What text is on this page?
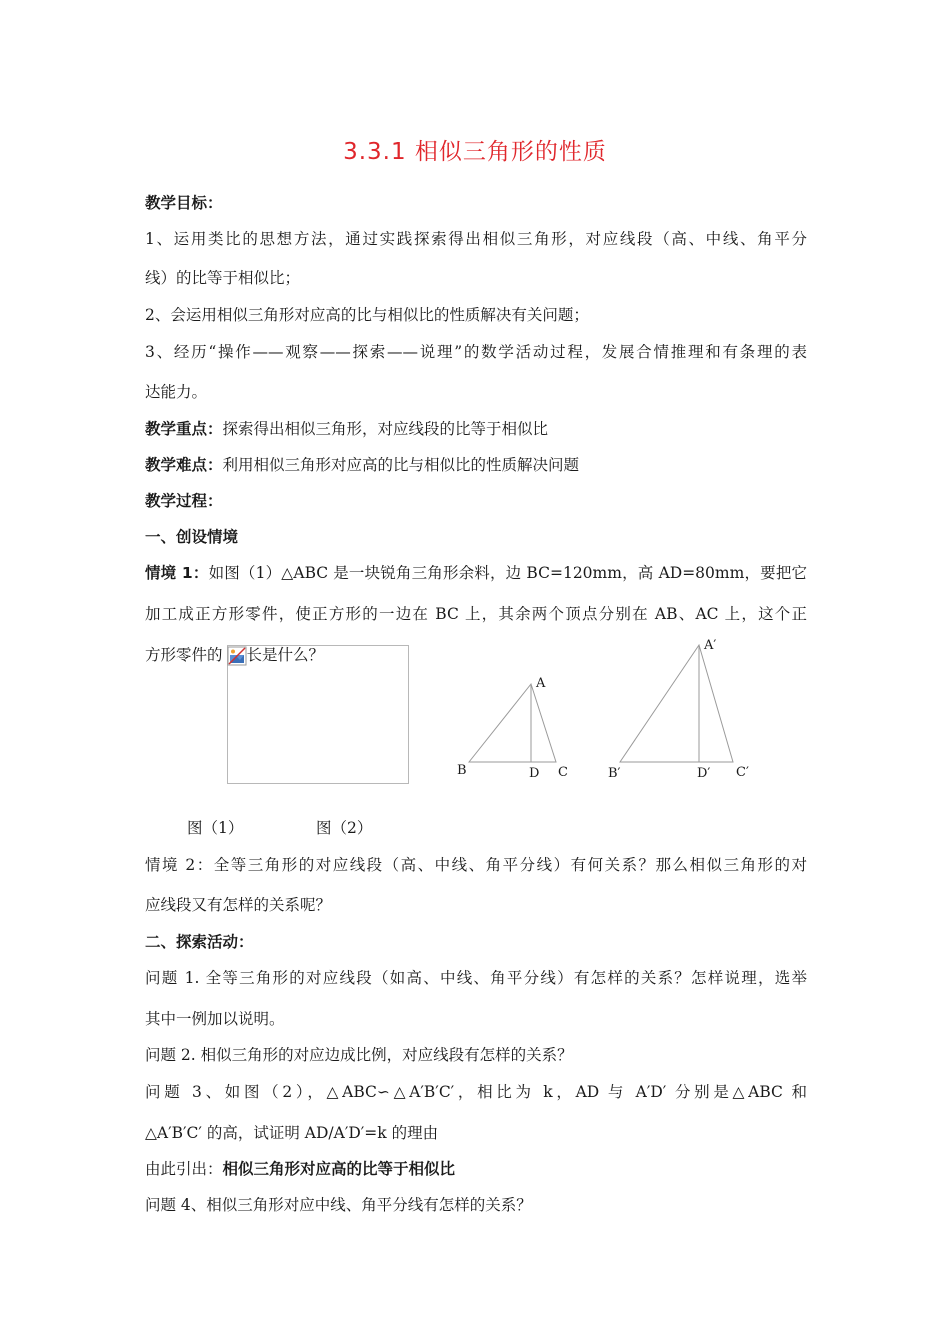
3.3.1 相似三角形的性质
教学目标：
1、运用类比的思想方法，通过实践探索得出相似三角形，对应线段（高、中线、角平分
线）的比等于相似比；
2、会运用相似三角形对应高的比与相似比的性质解决有关问题；
3、经历“操作——观察——探索——说理”的数学活动过程，发展合情推理和有条理的表
达能力。
教学重点：探索得出相似三角形，对应线段的比等于相似比
教学难点：利用相似三角形对应高的比与相似比的性质解决问题
教学过程：
一、创设情境
情境 1：如图（1）△ABC 是一块锐角三角形余料，边 BC=120mm，高 AD=80mm，要把它
加工成正方形零件，使正方形的一边在 BC 上，其余两个顶点分别在 AB、AC 上，这个正
方形零件的 长是什么？
A
B	C
D
A′
B′	C′
D′
图（1）	图（2）
情境 2：全等三角形的对应线段（高、中线、角平分线）有何关系？那么相似三角形的对
应线段又有怎样的关系呢？
二、探索活动：
问题 1. 全等三角形的对应线段（如高、中线、角平分线）有怎样的关系？怎样说理，选举
其中一例加以说明。
问题 2. 相似三角形的对应边成比例，对应线段有怎样的关系？
问题 3、如图（2），△ABC∽△A′B′C′，相比为 k，AD 与 A′D′ 分别是△ABC 和
△A′B′C′ 的高，试证明 AD/A′D′=k 的理由
由此引出：相似三角形对应高的比等于相似比
问题 4、相似三角形对应中线、角平分线有怎样的关系？
